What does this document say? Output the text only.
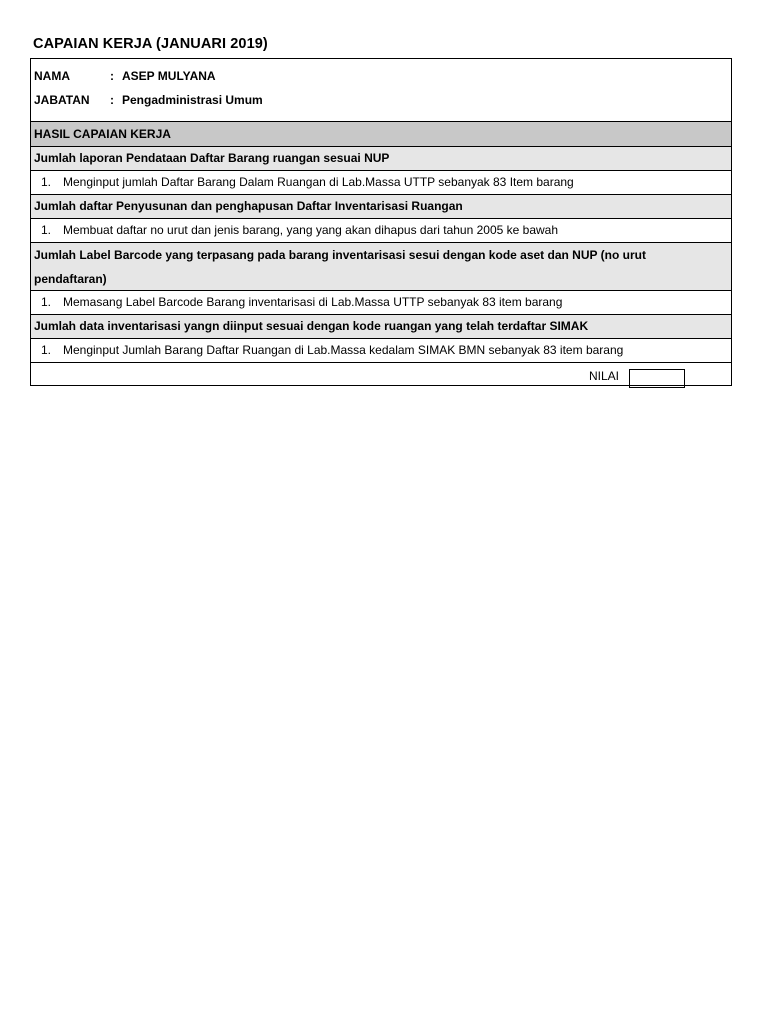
CAPAIAN KERJA (JANUARI 2019)
NAMA	: ASEP MULYANA
JABATAN : Pengadministrasi Umum
HASIL CAPAIAN KERJA
Jumlah laporan Pendataan Daftar Barang ruangan sesuai NUP
1. Menginput jumlah Daftar Barang Dalam Ruangan di Lab.Massa UTTP sebanyak 83 Item barang
Jumlah daftar Penyusunan dan penghapusan Daftar Inventarisasi Ruangan
1. Membuat daftar no urut dan jenis barang, yang yang akan dihapus dari tahun 2005 ke bawah
Jumlah Label Barcode yang terpasang pada barang inventarisasi sesui dengan kode aset dan NUP (no urut pendaftaran)
1. Memasang Label Barcode Barang inventarisasi di Lab.Massa UTTP sebanyak 83 item barang
Jumlah data inventarisasi yangn diinput sesuai dengan kode ruangan yang telah terdaftar SIMAK
1. Menginput Jumlah Barang Daftar Ruangan di Lab.Massa kedalam SIMAK BMN sebanyak 83 item barang
NILAI
